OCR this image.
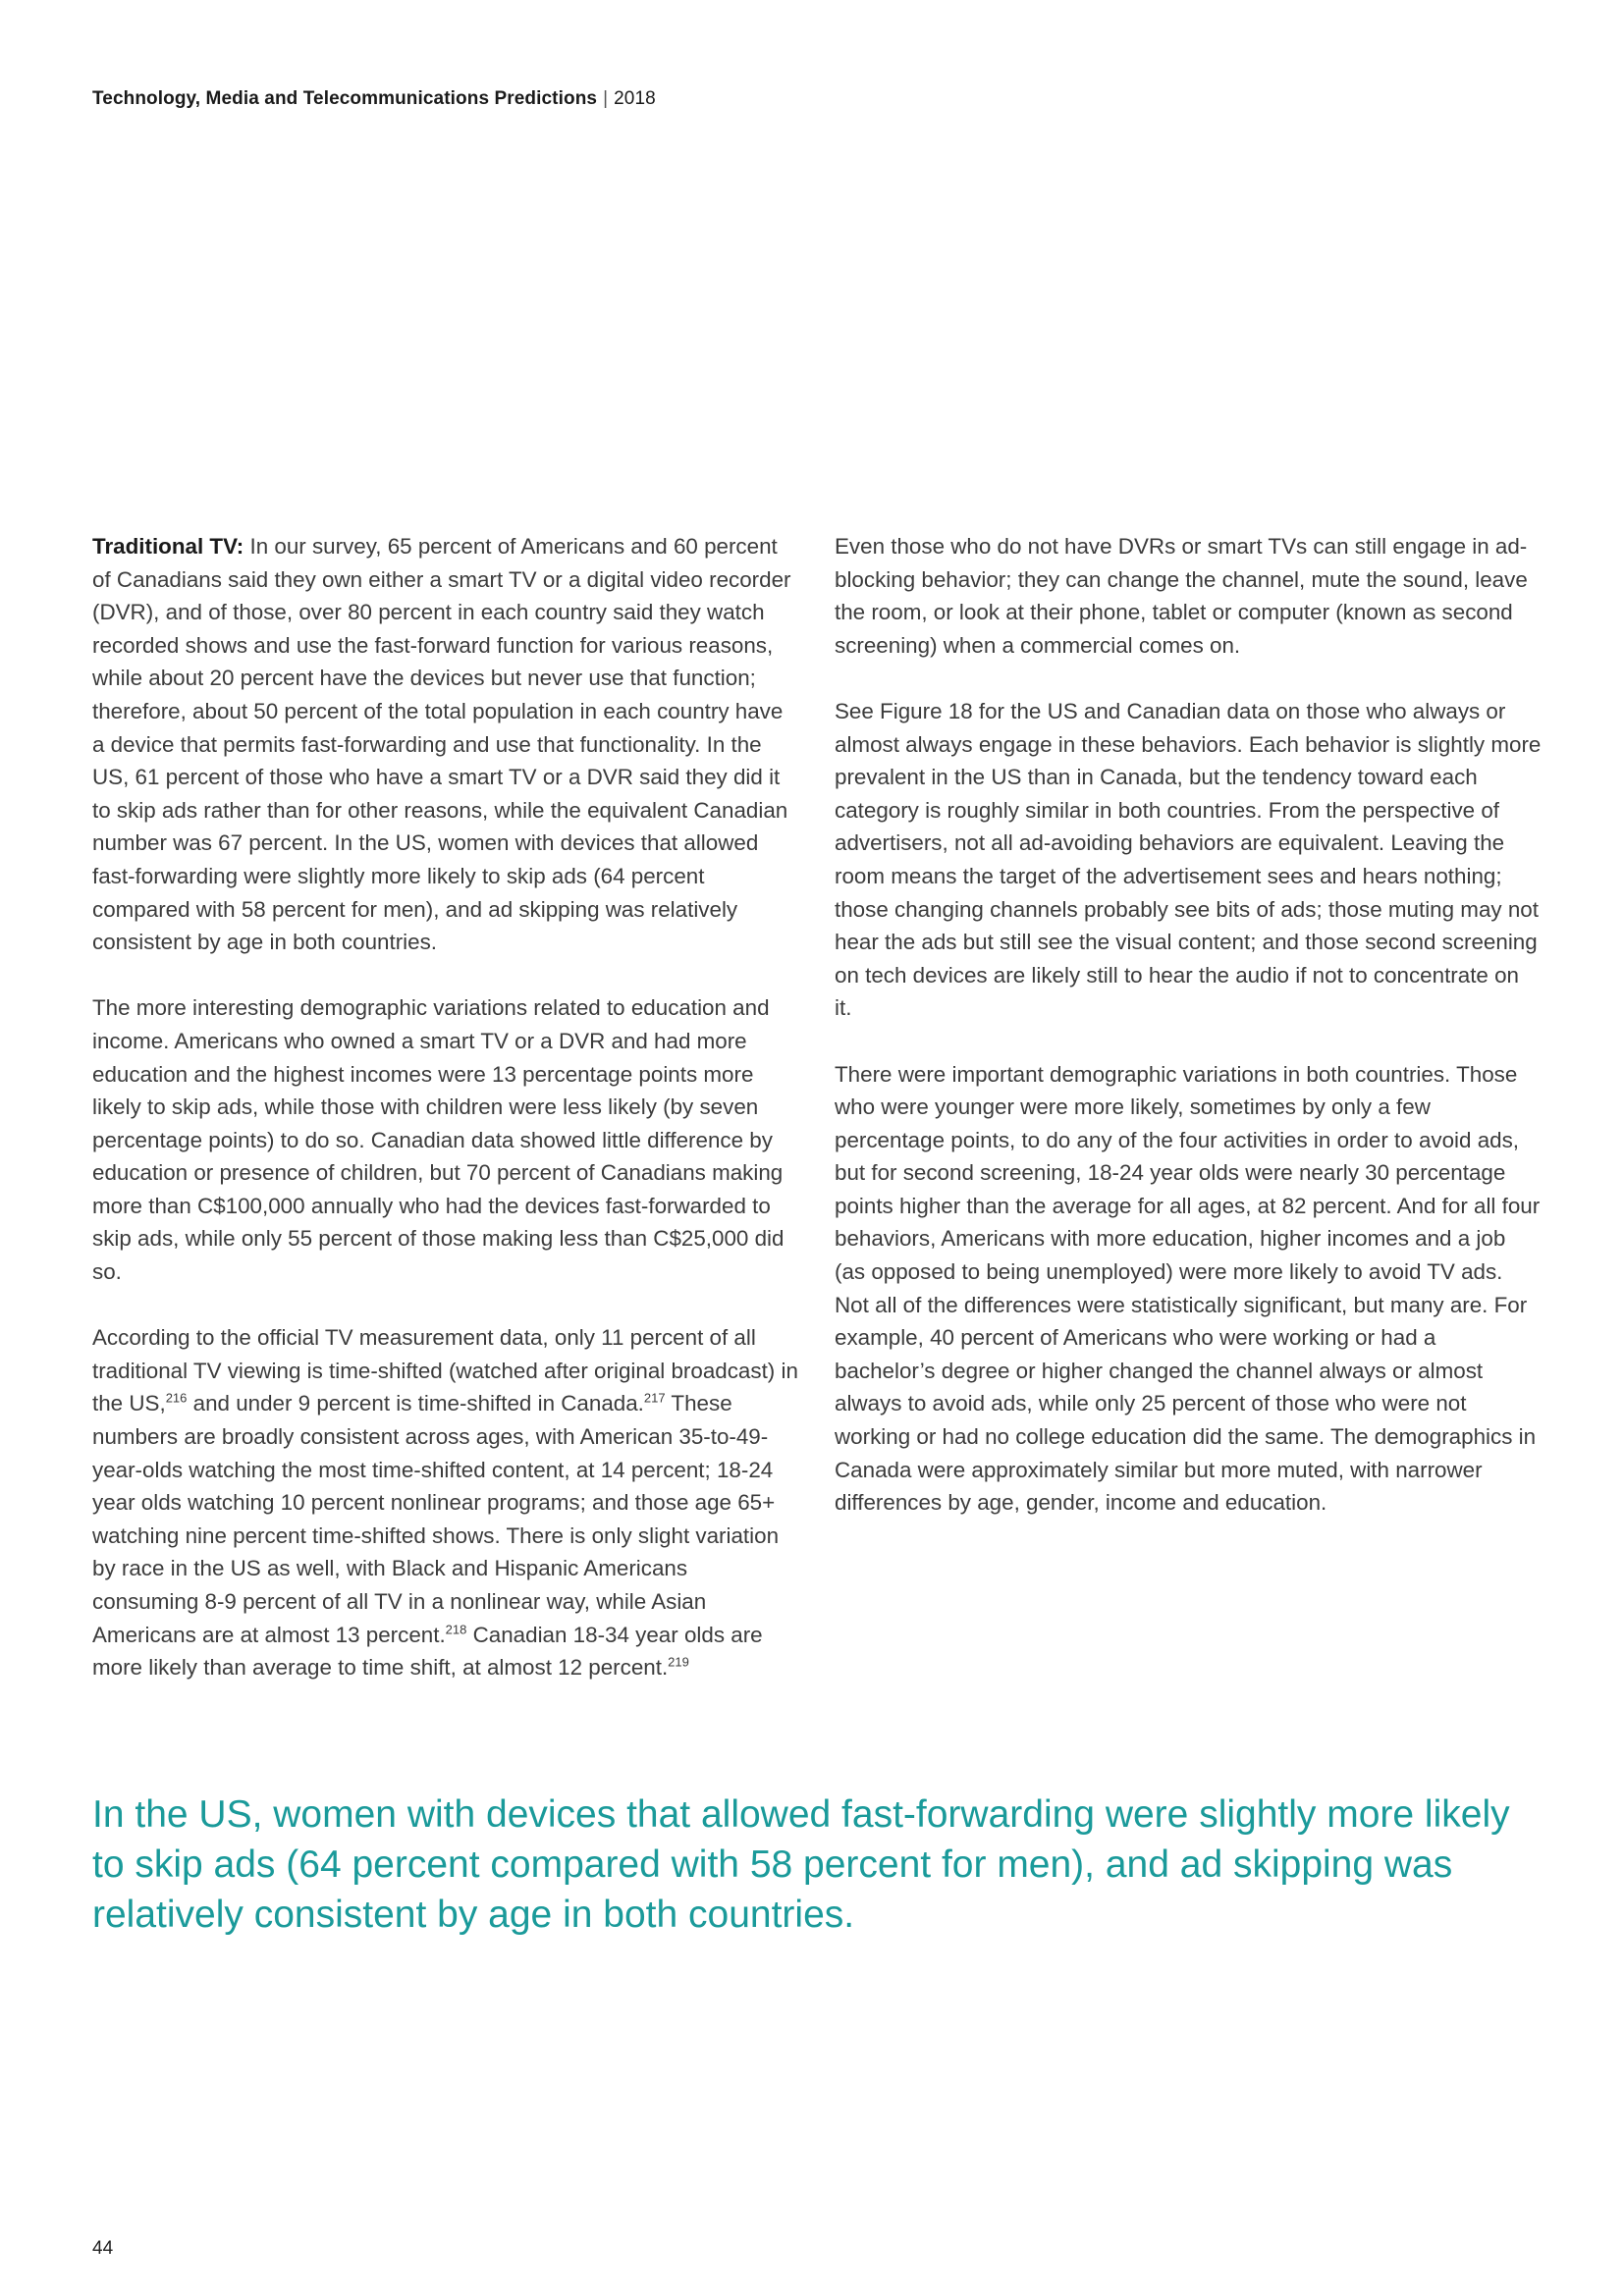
Technology, Media and Telecommunications Predictions | 2018

Traditional TV: In our survey, 65 percent of Americans and 60 percent of Canadians said they own either a smart TV or a digital video recorder (DVR), and of those, over 80 percent in each country said they watch recorded shows and use the fast-forward function for various reasons, while about 20 percent have the devices but never use that function; therefore, about 50 percent of the total population in each country have a device that permits fast-forwarding and use that functionality. In the US, 61 percent of those who have a smart TV or a DVR said they did it to skip ads rather than for other reasons, while the equivalent Canadian number was 67 percent. In the US, women with devices that allowed fast-forwarding were slightly more likely to skip ads (64 percent compared with 58 percent for men), and ad skipping was relatively consistent by age in both countries.

The more interesting demographic variations related to education and income. Americans who owned a smart TV or a DVR and had more education and the highest incomes were 13 percentage points more likely to skip ads, while those with children were less likely (by seven percentage points) to do so. Canadian data showed little difference by education or presence of children, but 70 percent of Canadians making more than C$100,000 annually who had the devices fast-forwarded to skip ads, while only 55 percent of those making less than C$25,000 did so.

According to the official TV measurement data, only 11 percent of all traditional TV viewing is time-shifted (watched after original broadcast) in the US,$^{216}$ and under 9 percent is time-shifted in Canada.$^{217}$ These numbers are broadly consistent across ages, with American 35-to-49-year-olds watching the most time-shifted content, at 14 percent; 18-24 year olds watching 10 percent nonlinear programs; and those age 65+ watching nine percent time-shifted shows. There is only slight variation by race in the US as well, with Black and Hispanic Americans consuming 8-9 percent of all TV in a nonlinear way, while Asian Americans are at almost 13 percent.$^{218}$ Canadian 18-34 year olds are more likely than average to time shift, at almost 12 percent.$^{219}$

Even those who do not have DVRs or smart TVs can still engage in ad-blocking behavior; they can change the channel, mute the sound, leave the room, or look at their phone, tablet or computer (known as second screening) when a commercial comes on.

See Figure 18 for the US and Canadian data on those who always or almost always engage in these behaviors. Each behavior is slightly more prevalent in the US than in Canada, but the tendency toward each category is roughly similar in both countries. From the perspective of advertisers, not all ad-avoiding behaviors are equivalent. Leaving the room means the target of the advertisement sees and hears nothing; those changing channels probably see bits of ads; those muting may not hear the ads but still see the visual content; and those second screening on tech devices are likely still to hear the audio if not to concentrate on it.

There were important demographic variations in both countries. Those who were younger were more likely, sometimes by only a few percentage points, to do any of the four activities in order to avoid ads, but for second screening, 18-24 year olds were nearly 30 percentage points higher than the average for all ages, at 82 percent. And for all four behaviors, Americans with more education, higher incomes and a job (as opposed to being unemployed) were more likely to avoid TV ads. Not all of the differences were statistically significant, but many are. For example, 40 percent of Americans who were working or had a bachelor’s degree or higher changed the channel always or almost always to avoid ads, while only 25 percent of those who were not working or had no college education did the same. The demographics in Canada were approximately similar but more muted, with narrower differences by age, gender, income and education.

In the US, women with devices that allowed fast-forwarding were slightly more likely to skip ads (64 percent compared with 58 percent for men), and ad skipping was relatively consistent by age in both countries.
44
